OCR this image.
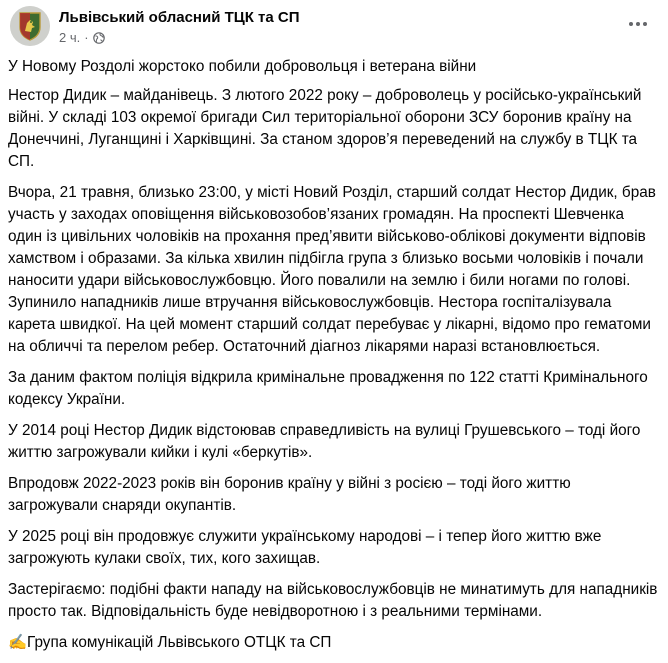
Львівський обласний ТЦК та СП
2 ч. ·

У Новому Роздолі жорстоко побили добровольця і ветерана війни

Нестор Дидик – майданівець. З лютого 2022 року – доброволець у російсько-український війні. У складі 103 окремої бригади Сил територіальної оборони ЗСУ боронив країну на Донеччині, Луганщині і Харківщині. За станом здоров’я переведений на службу в ТЦК та СП.

Вчора, 21 травня, близько 23:00, у місті Новий Розділ, старший солдат Нестор Дидик, брав участь у заходах оповіщення військовозобов’язаних громадян. На проспекті Шевченка один із цивільних чоловіків на прохання пред’явити військово-облікові документи відповів хамством і образами. За кілька хвилин підбігла група з близько восьми чоловіків і почали наносити удари військовослужбовцю. Його повалили на землю і били ногами по голові. Зупинило нападників лише втручання військовослужбовців. Нестора госпіталізувала карета швидкої. На цей момент старший солдат перебуває у лікарні, відомо про гематоми на обличчі та перелом ребер. Остаточний діагноз лікарями наразі встановлюється.

За даним фактом поліція відкрила кримінальне провадження по 122 статті Кримінального кодексу України.

У 2014 році Нестор Дидик відстоював справедливість на вулиці Грушевського – тоді його життю загрожували кийки і кулі «беркутів».

Впродовж 2022-2023 років він боронив країну у війні з росією – тоді його життю загрожували снаряди окупантів.

У 2025 році він продовжує служити українському народові – і тепер його життю вже загрожують кулаки своїх, тих, кого захищав.

Застерігаємо: подібні факти нападу на військовослужбовців не минатимуть для нападників просто так. Відповідальність буде невідворотною і з реальними термінами.

✍️Група комунікацій Львівського ОТЦК та СП
